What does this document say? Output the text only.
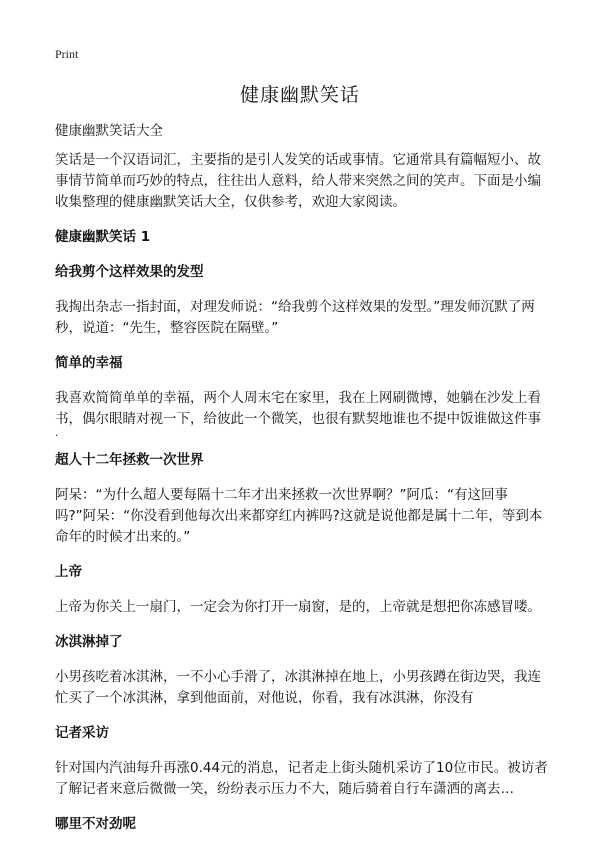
Print
健康幽默笑话
健康幽默笑话大全

笑话是一个汉语词汇，主要指的是引人发笑的话或事情。它通常具有篇幅短小、故事情节简单而巧妙的特点，往往出人意料，给人带来突然之间的笑声。下面是小编收集整理的健康幽默笑话大全，仅供参考，欢迎大家阅读。

健康幽默笑话 1
给我剪个这样效果的发型

我掏出杂志一指封面，对理发师说：“给我剪个这样效果的发型。”理发师沉默了两秒，说道：“先生，整容医院在隔壁。”

简单的幸福

我喜欢简简单单的幸福，两个人周末宅在家里，我在上网刷微博，她躺在沙发上看书，偶尔眼睛对视一下，给彼此一个微笑，也很有默契地谁也不提中饭谁做这件事

.
超人十二年拯救一次世界

阿呆：“为什么超人要每隔十二年才出来拯救一次世界啊？”阿瓜：“有这回事吗?”阿呆：“你没看到他每次出来都穿红内裤吗?这就是说他都是属十二年，等到本命年的时候才出来的。”

上帝

上帝为你关上一扇门，一定会为你打开一扇窗，是的，上帝就是想把你冻感冒喽。

冰淇淋掉了

小男孩吃着冰淇淋，一不小心手滑了，冰淇淋掉在地上，小男孩蹲在街边哭，我连忙买了一个冰淇淋，拿到他面前，对他说，你看，我有冰淇淋，你没有

记者采访

针对国内汽油每升再涨0.44元的消息，记者走上街头随机采访了10位市民。被访者了解记者来意后微微一笑，纷纷表示压力不大，随后骑着自行车潇洒的离去…

哪里不对劲呢
